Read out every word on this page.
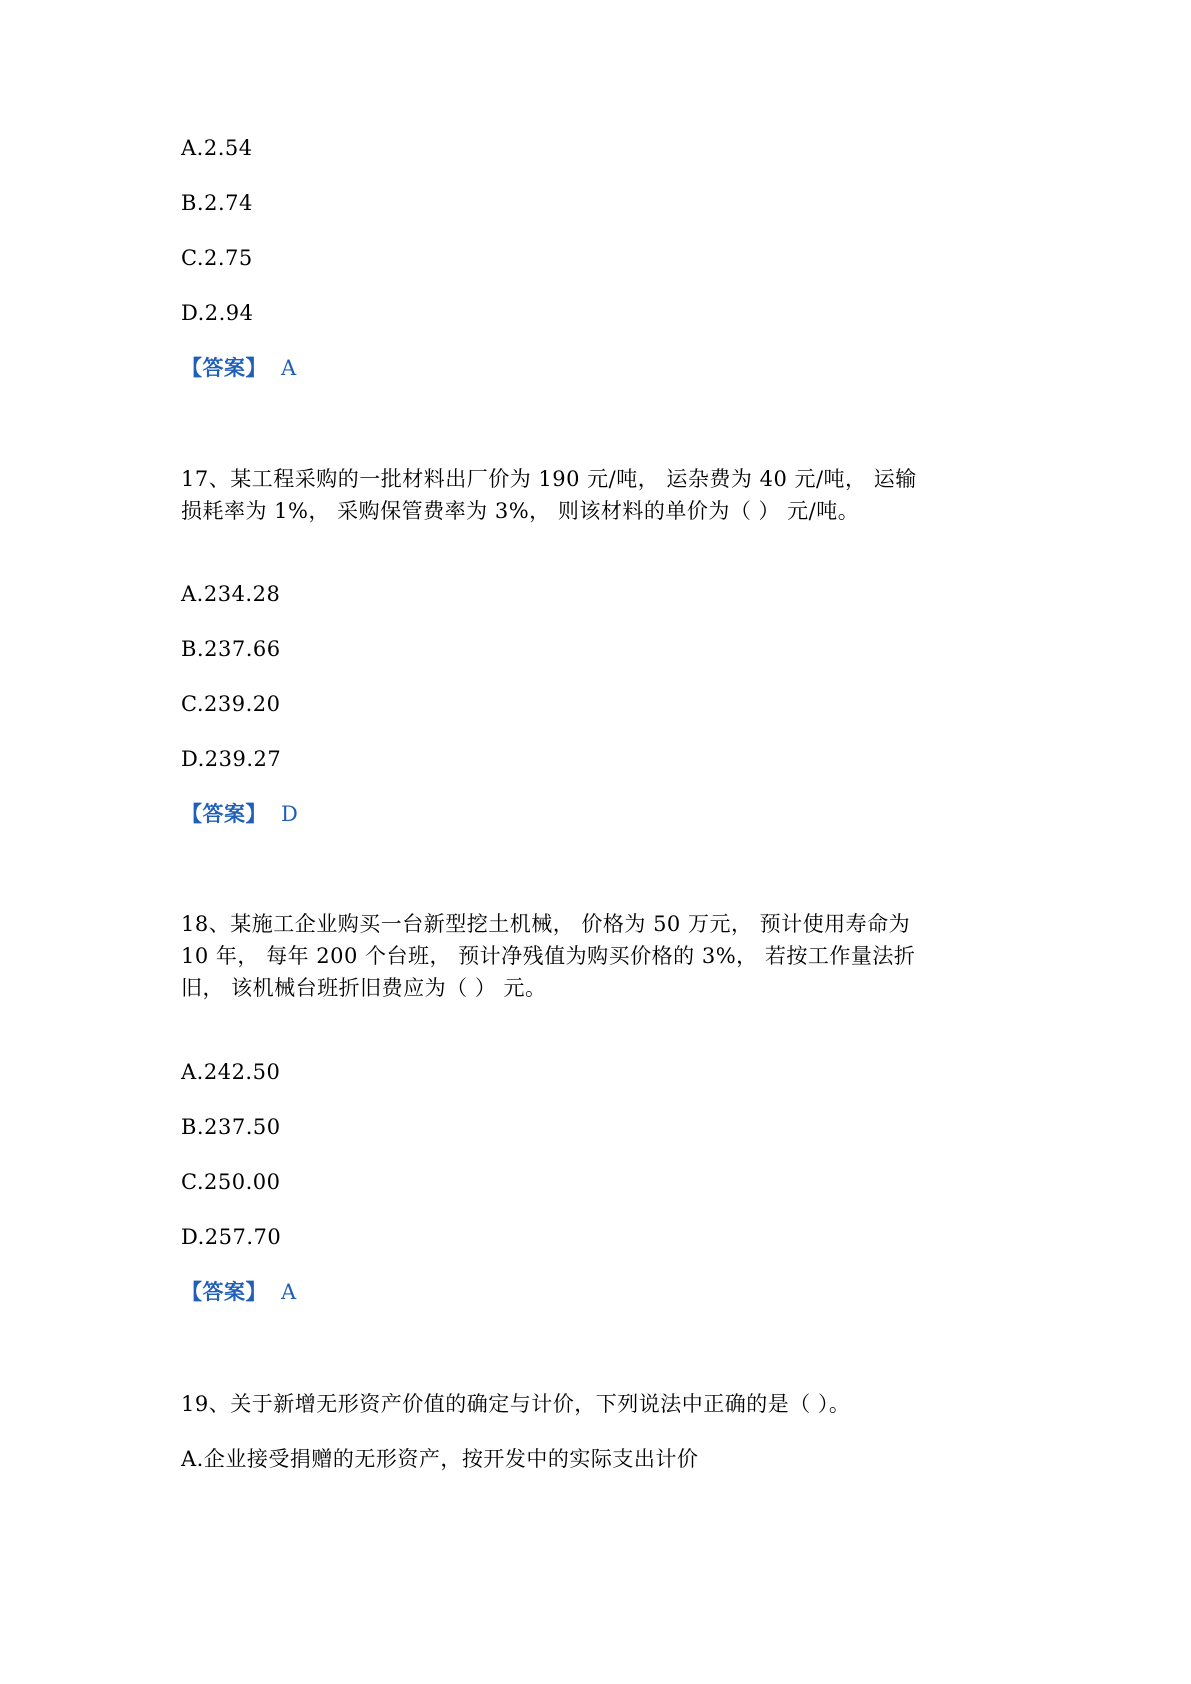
A.2.54
B.2.74
C.2.75
D.2.94
【答案】 A
17、某工程采购的一批材料出厂价为 190 元/吨， 运杂费为 40 元/吨， 运输
损耗率为 1%， 采购保管费率为 3%， 则该材料的单价为（ ） 元/吨。
A.234.28
B.237.66
C.239.20
D.239.27
【答案】 D
18、某施工企业购买一台新型挖土机械， 价格为 50 万元， 预计使用寿命为
10 年， 每年 200 个台班， 预计净残值为购买价格的 3%， 若按工作量法折
旧， 该机械台班折旧费应为（ ） 元。
A.242.50
B.237.50
C.250.00
D.257.70
【答案】 A
19、关于新增无形资产价值的确定与计价，下列说法中正确的是（ ）。
A.企业接受捐赠的无形资产，按开发中的实际支出计价
